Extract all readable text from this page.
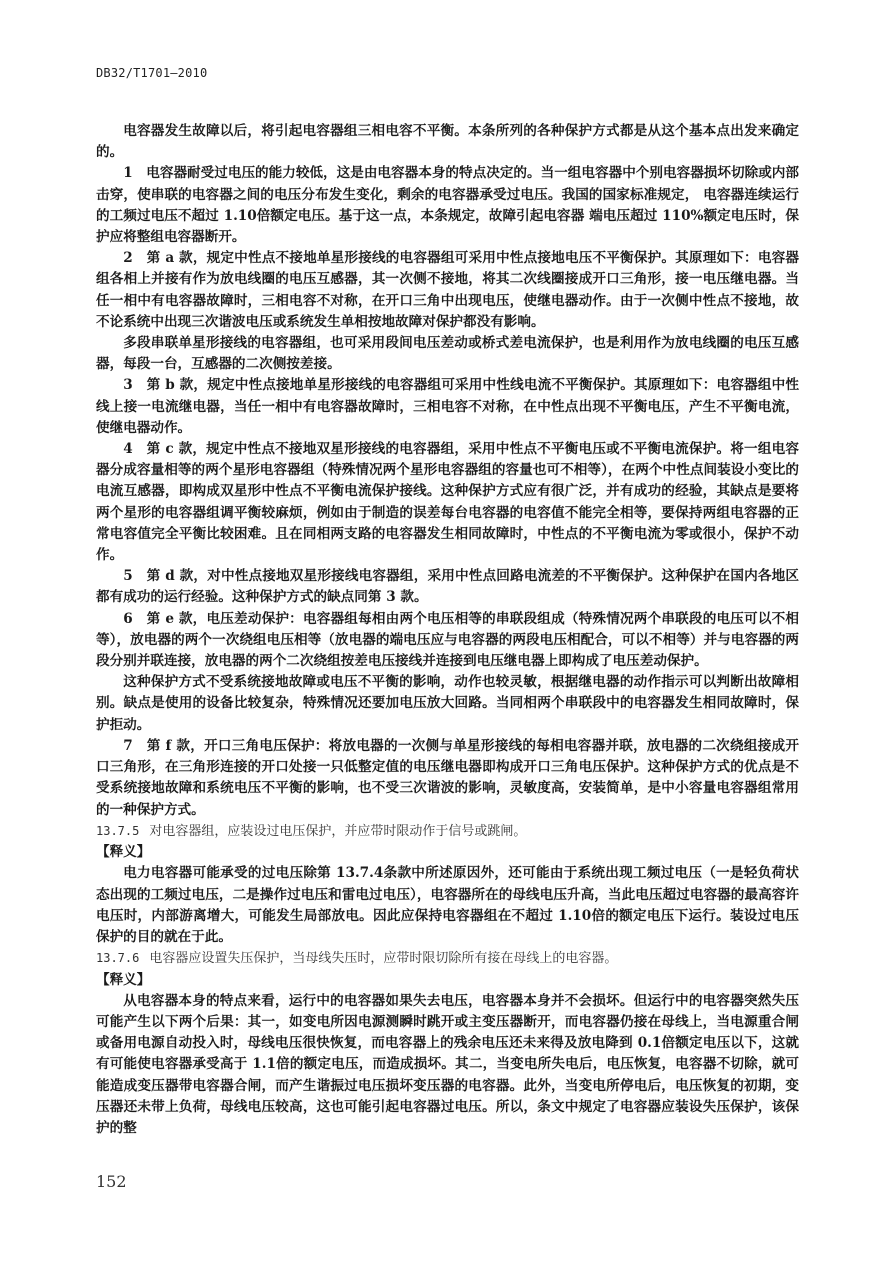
DB32/T1701—2010

电容器发生故障以后，将引起电容器组三相电容不平衡。本条所列的各种保护方式都是从这个基本点出发来确定的。

1　电容器耐受过电压的能力较低，这是由电容器本身的特点决定的。当一组电容器中个别电容器损坏切除或内部击穿，使串联的电容器之间的电压分布发生变化，剩余的电容器承受过电压。我国的国家标准规定， 电容器连续运行的工频过电压不超过 1.10倍额定电压。基于这一点，本条规定，故障引起电容器 端电压超过 110%额定电压时，保护应将整组电容器断开。

2　第 a 款，规定中性点不接地单星形接线的电容器组可采用中性点接地电压不平衡保护。其原理如下：电容器组各相上并接有作为放电线圈的电压互感器，其一次侧不接地，将其二次线圈接成开口三角形，接一电压继电器。当任一相中有电容器故障时，三相电容不对称，在开口三角中出现电压，使继电器动作。由于一次侧中性点不接地，故不论系统中出现三次谐波电压或系统发生单相按地故障对保护都没有影响。

多段串联单星形接线的电容器组，也可采用段间电压差动或桥式差电流保护，也是利用作为放电线圈的电压互感器，每段一台，互感器的二次侧按差接。

3　第 b 款，规定中性点接地单星形接线的电容器组可采用中性线电流不平衡保护。其原理如下：电容器组中性线上接一电流继电器，当任一相中有电容器故障时，三相电容不对称，在中性点出现不平衡电压，产生不平衡电流，使继电器动作。

4　第 c 款，规定中性点不接地双星形接线的电容器组，采用中性点不平衡电压或不平衡电流保护。将一组电容器分成容量相等的两个星形电容器组（特殊情况两个星形电容器组的容量也可不相等），在两个中性点间装设小变比的电流互感器，即构成双星形中性点不平衡电流保护接线。这种保护方式应有很广泛，并有成功的经验，其缺点是要将两个星形的电容器组调平衡较麻烦，例如由于制造的误差每台电容器的电容值不能完全相等，要保持两组电容器的正常电容值完全平衡比较困难。且在同相两支路的电容器发生相同故障时，中性点的不平衡电流为零或很小，保护不动作。

5　第 d 款，对中性点接地双星形接线电容器组，采用中性点回路电流差的不平衡保护。这种保护在国内各地区都有成功的运行经验。这种保护方式的缺点同第 3 款。

6　第 e 款，电压差动保护：电容器组每相由两个电压相等的串联段组成（特殊情况两个串联段的电压可以不相等），放电器的两个一次绕组电压相等（放电器的端电压应与电容器的两段电压相配合，可以不相等）并与电容器的两段分别并联连接，放电器的两个二次绕组按差电压接线并连接到电压继电器上即构成了电压差动保护。

这种保护方式不受系统接地故障或电压不平衡的影响，动作也较灵敏，根据继电器的动作指示可以判断出故障相别。缺点是使用的设备比较复杂，特殊情况还要加电压放大回路。当同相两个串联段中的电容器发生相同故障时，保护拒动。

7　第 f 款，开口三角电压保护：将放电器的一次侧与单星形接线的每相电容器并联，放电器的二次绕组接成开口三角形，在三角形连接的开口处接一只低整定值的电压继电器即构成开口三角电压保护。这种保护方式的优点是不受系统接地故障和系统电压不平衡的影响，也不受三次谐波的影响，灵敏度高，安装简单，是中小容量电容器组常用的一种保护方式。

13.7.5 对电容器组，应装设过电压保护，并应带时限动作于信号或跳闸。

【释义】

电力电容器可能承受的过电压除第 13.7.4条款中所述原因外，还可能由于系统出现工频过电压（一是轻负荷状态出现的工频过电压，二是操作过电压和雷电过电压），电容器所在的母线电压升高，当此电压超过电容器的最高容许电压时，内部游离增大，可能发生局部放电。因此应保持电容器组在不超过 1.10倍的额定电压下运行。装设过电压保护的目的就在于此。

13.7.6 电容器应设置失压保护，当母线失压时，应带时限切除所有接在母线上的电容器。

【释义】

从电容器本身的特点来看，运行中的电容器如果失去电压，电容器本身并不会损坏。但运行中的电容器突然失压可能产生以下两个后果：其一，如变电所因电源测瞬时跳开或主变压器断开，而电容器仍接在母线上，当电源重合闸或备用电源自动投入时，母线电压很快恢复，而电容器上的残余电压还未来得及放电降到 0.1倍额定电压以下，这就有可能使电容器承受高于 1.1倍的额定电压，而造成损坏。其二，当变电所失电后，电压恢复，电容器不切除，就可能造成变压器带电容器合闸，而产生谐振过电压损坏变压器的电容器。此外，当变电所停电后，电压恢复的初期，变压器还未带上负荷，母线电压较高，这也可能引起电容器过电压。所以，条文中规定了电容器应装设失压保护，该保护的整

152
